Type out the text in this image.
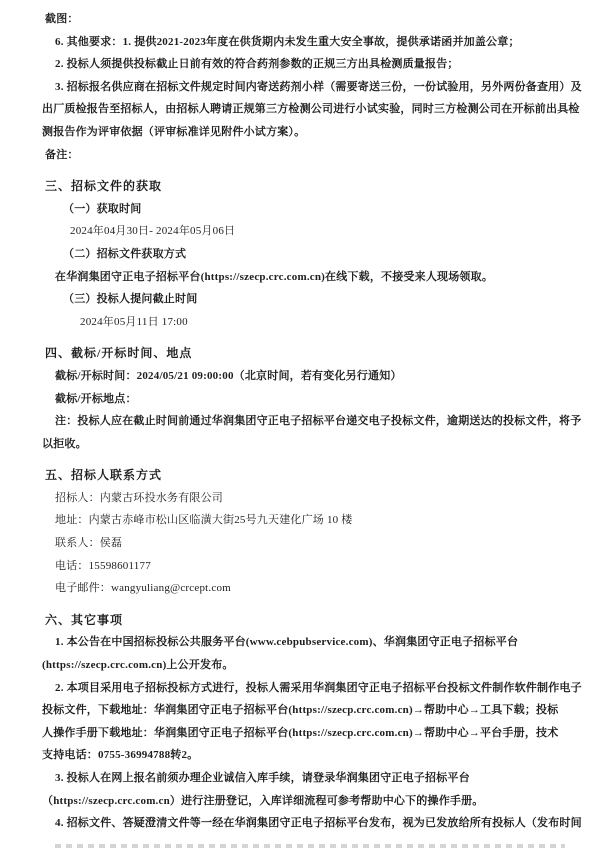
截图：
6. 其他要求：1. 提供2021-2023年度在供货期内未发生重大安全事故，提供承诺函并加盖公章；
2. 投标人须提供投标截止日前有效的符合药剂参数的正规三方出具检测质量报告；
3. 招标报名供应商在招标文件规定时间内寄送药剂小样（需要寄送三份，一份试验用，另外两份备查用）及
出厂质检报告至招标人，由招标人聘请正规第三方检测公司进行小试实验，同时三方检测公司在开标前出具检
测报告作为评审依据（评审标准详见附件小试方案）。
备注：
三、招标文件的获取
（一）获取时间
2024年04月30日- 2024年05月06日
（二）招标文件获取方式
在华润集团守正电子招标平台(https://szecp.crc.com.cn)在线下载，不接受来人现场领取。
（三）投标人提问截止时间
2024年05月11日 17:00
四、截标/开标时间、地点
截标/开标时间：2024/05/21 09:00:00（北京时间，若有变化另行通知）
截标/开标地点：
注：投标人应在截止时间前通过华润集团守正电子招标平台递交电子投标文件，逾期送达的投标文件，将予
以拒收。
五、招标人联系方式
招标人：内蒙古环投水务有限公司
地址：内蒙古赤峰市松山区临潢大街25号九天建化广场 10 楼
联系人：侯磊
电话：15598601177
电子邮件：wangyuliang@crcept.com
六、其它事项
1. 本公告在中国招标投标公共服务平台(www.cebpubservice.com)、华润集团守正电子招标平台
(https://szecp.crc.com.cn)上公开发布。
2. 本项目采用电子招标投标方式进行，投标人需采用华润集团守正电子招标平台投标文件制作软件制作电子
投标文件，下载地址：华润集团守正电子招标平台(https://szecp.crc.com.cn)→帮助中心→工具下载；投标
人操作手册下载地址：华润集团守正电子招标平台(https://szecp.crc.com.cn)→帮助中心→平台手册，技术
支持电话：0755-36994788转2。
3. 投标人在网上报名前须办理企业诚信入库手续，请登录华润集团守正电子招标平台
（https://szecp.crc.com.cn）进行注册登记，入库详细流程可参考帮助中心下的操作手册。
4. 招标文件、答疑澄清文件等一经在华润集团守正电子招标平台发布，视为已发放给所有投标人（发布时间
